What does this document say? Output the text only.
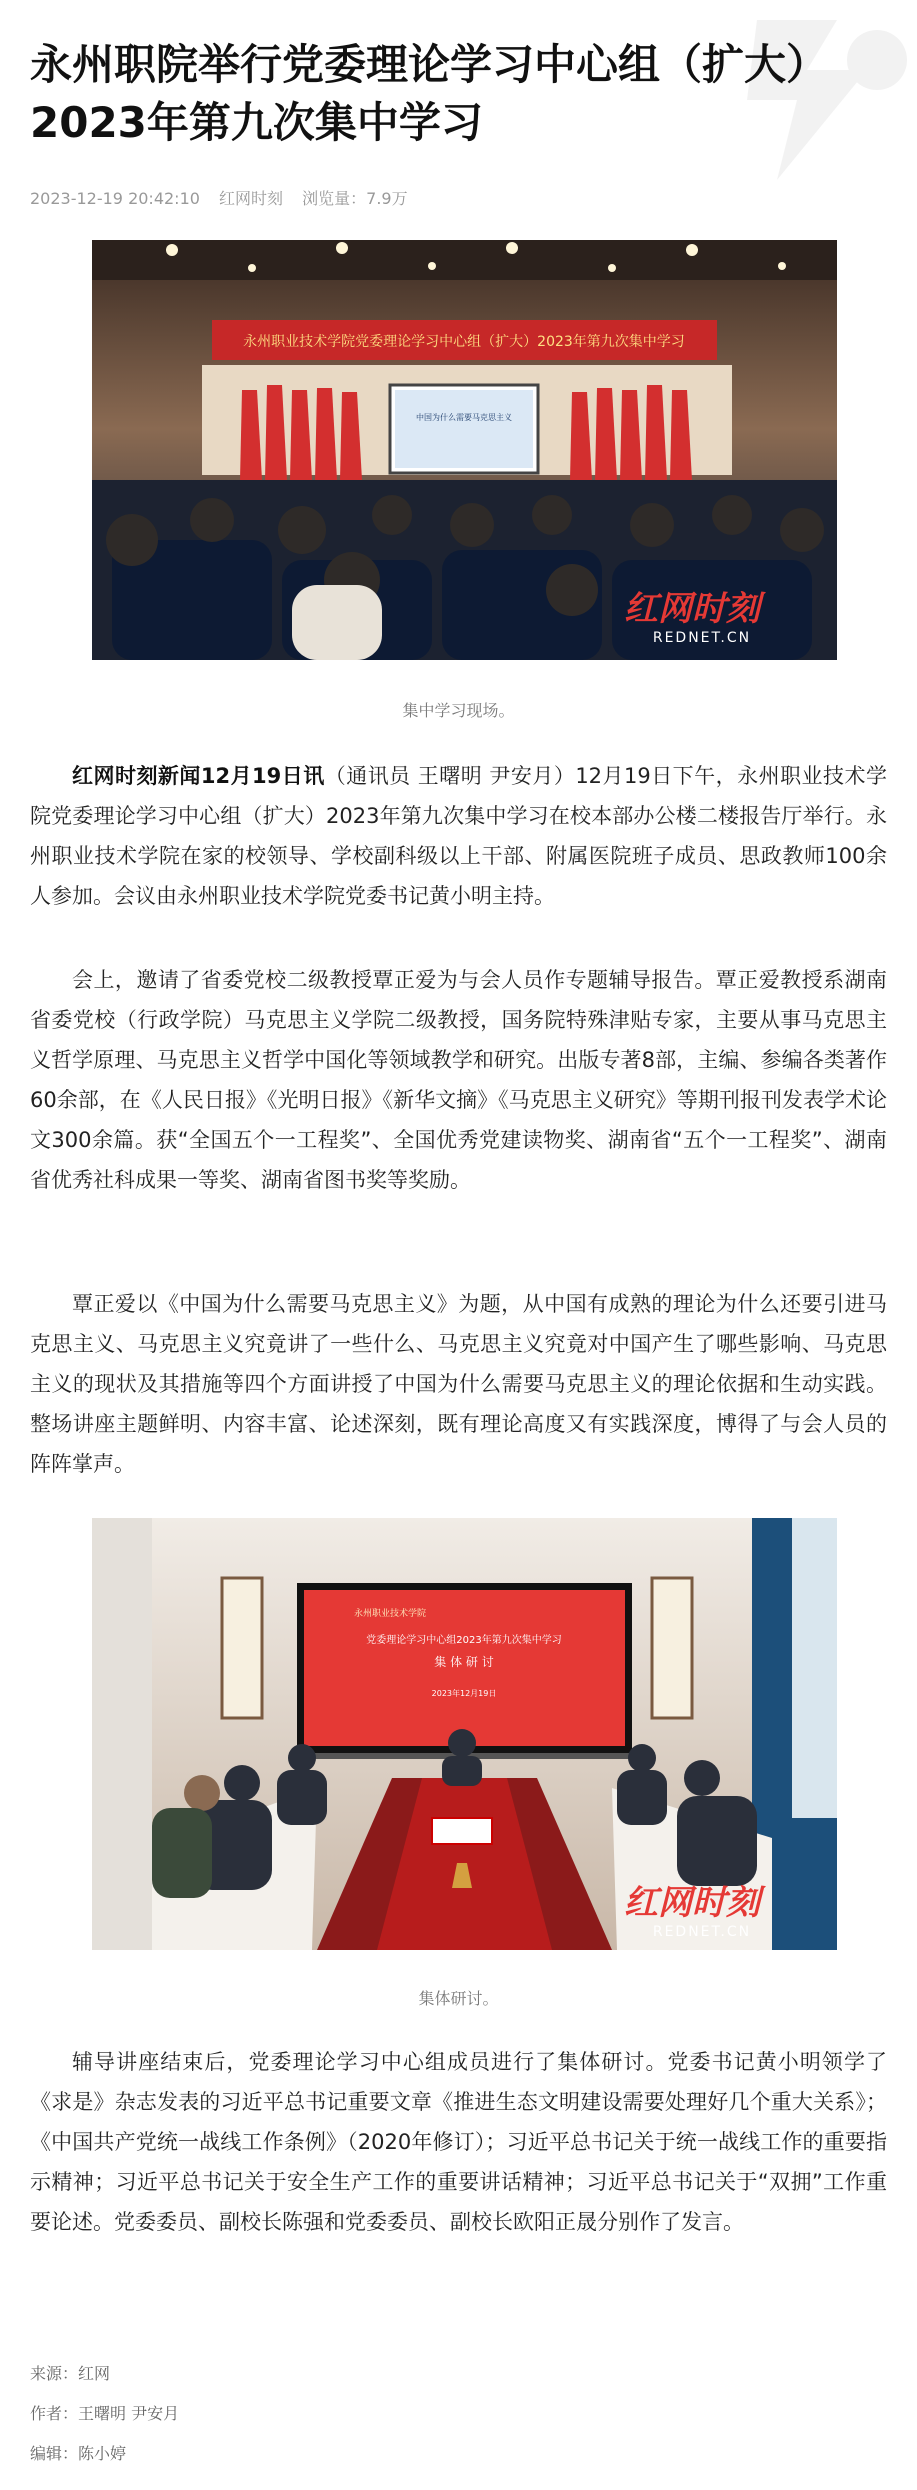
永州职院举行党委理论学习中心组（扩大）2023年第九次集中学习
2023-12-19 20:42:10 红网时刻 浏览量：7.9万
永州职业技术学院党委理论学习中心组（扩大）2023年第九次集中学习
中国为什么需要马克思主义
红网时刻
REDNET.CN
集中学习现场。

红网时刻新闻12月19日讯（通讯员 王曙明 尹安月）12月19日下午，永州职业技术学院党委理论学习中心组（扩大）2023年第九次集中学习在校本部办公楼二楼报告厅举行。永州职业技术学院在家的校领导、学校副科级以上干部、附属医院班子成员、思政教师100余人参加。会议由永州职业技术学院党委书记黄小明主持。

会上，邀请了省委党校二级教授覃正爱为与会人员作专题辅导报告。覃正爱教授系湖南省委党校（行政学院）马克思主义学院二级教授，国务院特殊津贴专家，主要从事马克思主义哲学原理、马克思主义哲学中国化等领域教学和研究。出版专著8部，主编、参编各类著作60余部，在《人民日报》《光明日报》《新华文摘》《马克思主义研究》等期刊报刊发表学术论文300余篇。获“全国五个一工程奖”、全国优秀党建读物奖、湖南省“五个一工程奖”、湖南省优秀社科成果一等奖、湖南省图书奖等奖励。

覃正爱以《中国为什么需要马克思主义》为题，从中国有成熟的理论为什么还要引进马克思主义、马克思主义究竟讲了一些什么、马克思主义究竟对中国产生了哪些影响、马克思主义的现状及其措施等四个方面讲授了中国为什么需要马克思主义的理论依据和生动实践。整场讲座主题鲜明、内容丰富、论述深刻，既有理论高度又有实践深度，博得了与会人员的阵阵掌声。

永州职业技术学院
党委理论学习中心组2023年第九次集中学习
集 体 研 讨
2023年12月19日
红网时刻
REDNET.CN
集体研讨。

辅导讲座结束后，党委理论学习中心组成员进行了集体研讨。党委书记黄小明领学了《求是》杂志发表的习近平总书记重要文章《推进生态文明建设需要处理好几个重大关系》；《中国共产党统一战线工作条例》（2020年修订）；习近平总书记关于统一战线工作的重要指示精神；习近平总书记关于安全生产工作的重要讲话精神；习近平总书记关于“双拥”工作重要论述。党委委员、副校长陈强和党委委员、副校长欧阳正晟分别作了发言。

来源：红网
作者：王曙明 尹安月
编辑：陈小婷
